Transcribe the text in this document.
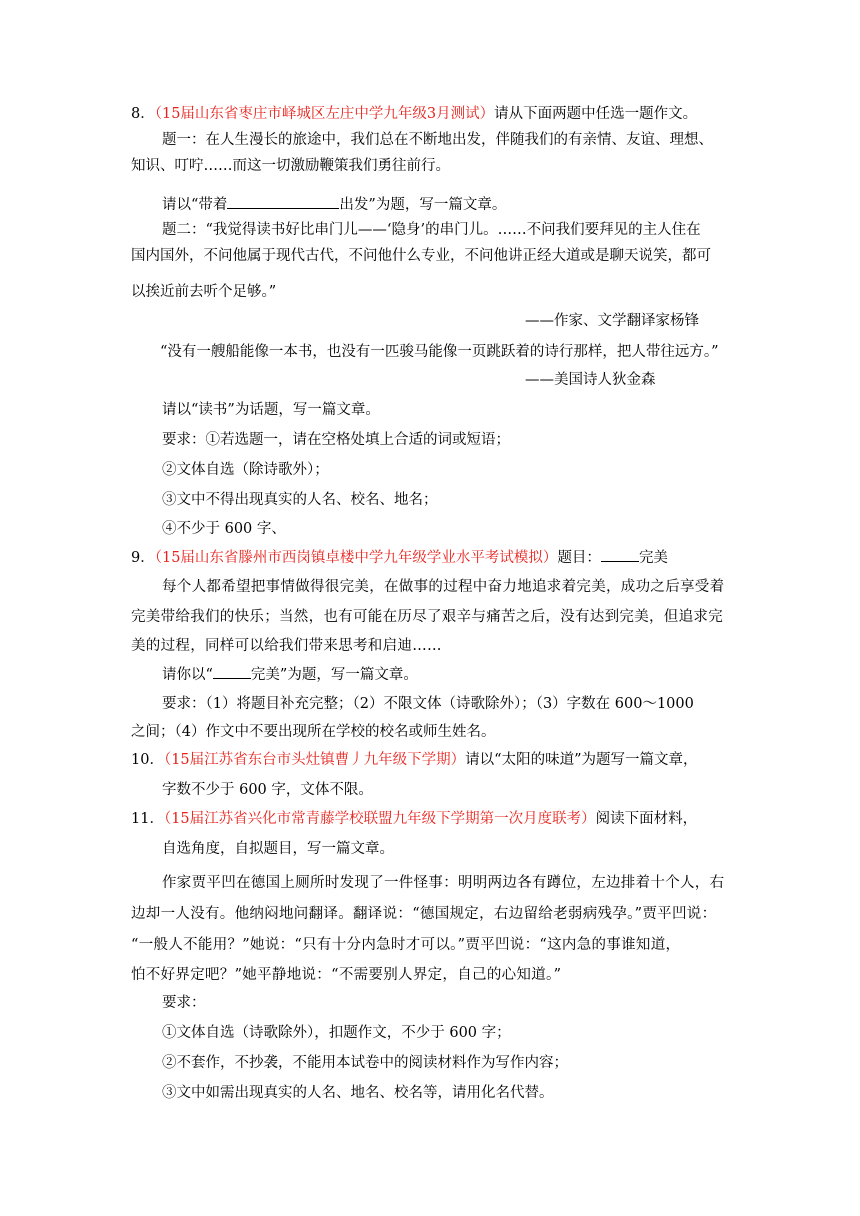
8．（15届山东省枣庄市峄城区左庄中学九年级3月测试）请从下面两题中任选一题作文。
题一：在人生漫长的旅途中，我们总在不断地出发，伴随我们的有亲情、友谊、理想、
知识、叮咛……而这一切激励鞭策我们勇往前行。
请以“带着	出发”为题，写一篇文章。
题二：“我觉得读书好比串门儿——‘隐身’的串门儿。……不问我们要拜见的主人住在
国内国外，不问他属于现代古代，不问他什么专业，不问他讲正经大道或是聊天说笑，都可
以挨近前去听个足够。”
——作家、文学翻译家杨锋
“没有一艘船能像一本书，也没有一匹骏马能像一页跳跃着的诗行那样，把人带往远方。”
——美国诗人狄金森
请以“读书”为话题，写一篇文章。
要求：①若选题一，请在空格处填上合适的词或短语；
②文体自选（除诗歌外）；
③文中不得出现真实的人名、校名、地名；
④不少于 600 字、
9．（15届山东省滕州市西岗镇卓楼中学九年级学业水平考试模拟）题目：	完美
每个人都希望把事情做得很完美，在做事的过程中奋力地追求着完美，成功之后享受着
完美带给我们的快乐；当然，也有可能在历尽了艰辛与痛苦之后，没有达到完美，但追求完
美的过程，同样可以给我们带来思考和启迪……
请你以“	完美”为题，写一篇文章。
要求：（1）将题目补充完整；（2）不限文体（诗歌除外）；（3）字数在 600～1000
之间；（4）作文中不要出现所在学校的校名或师生姓名。
10．（15届江苏省东台市头灶镇曹丿九年级下学期）请以“太阳的味道”为题写一篇文章，
字数不少于 600 字，文体不限。
11．（15届江苏省兴化市常青藤学校联盟九年级下学期第一次月度联考）阅读下面材料，
自选角度，自拟题目，写一篇文章。
作家贾平凹在德国上厕所时发现了一件怪事：明明两边各有蹲位，左边排着十个人，右
边却一人没有。他纳闷地问翻译。翻译说：“德国规定，右边留给老弱病残孕。”贾平凹说：
“一般人不能用？”她说：“只有十分内急时才可以。”贾平凹说：“这内急的事谁知道，
怕不好界定吧？”她平静地说：“不需要别人界定，自己的心知道。”
要求：
①文体自选（诗歌除外），扣题作文，不少于 600 字；
②不套作，不抄袭，不能用本试卷中的阅读材料作为写作内容；
③文中如需出现真实的人名、地名、校名等，请用化名代替。
